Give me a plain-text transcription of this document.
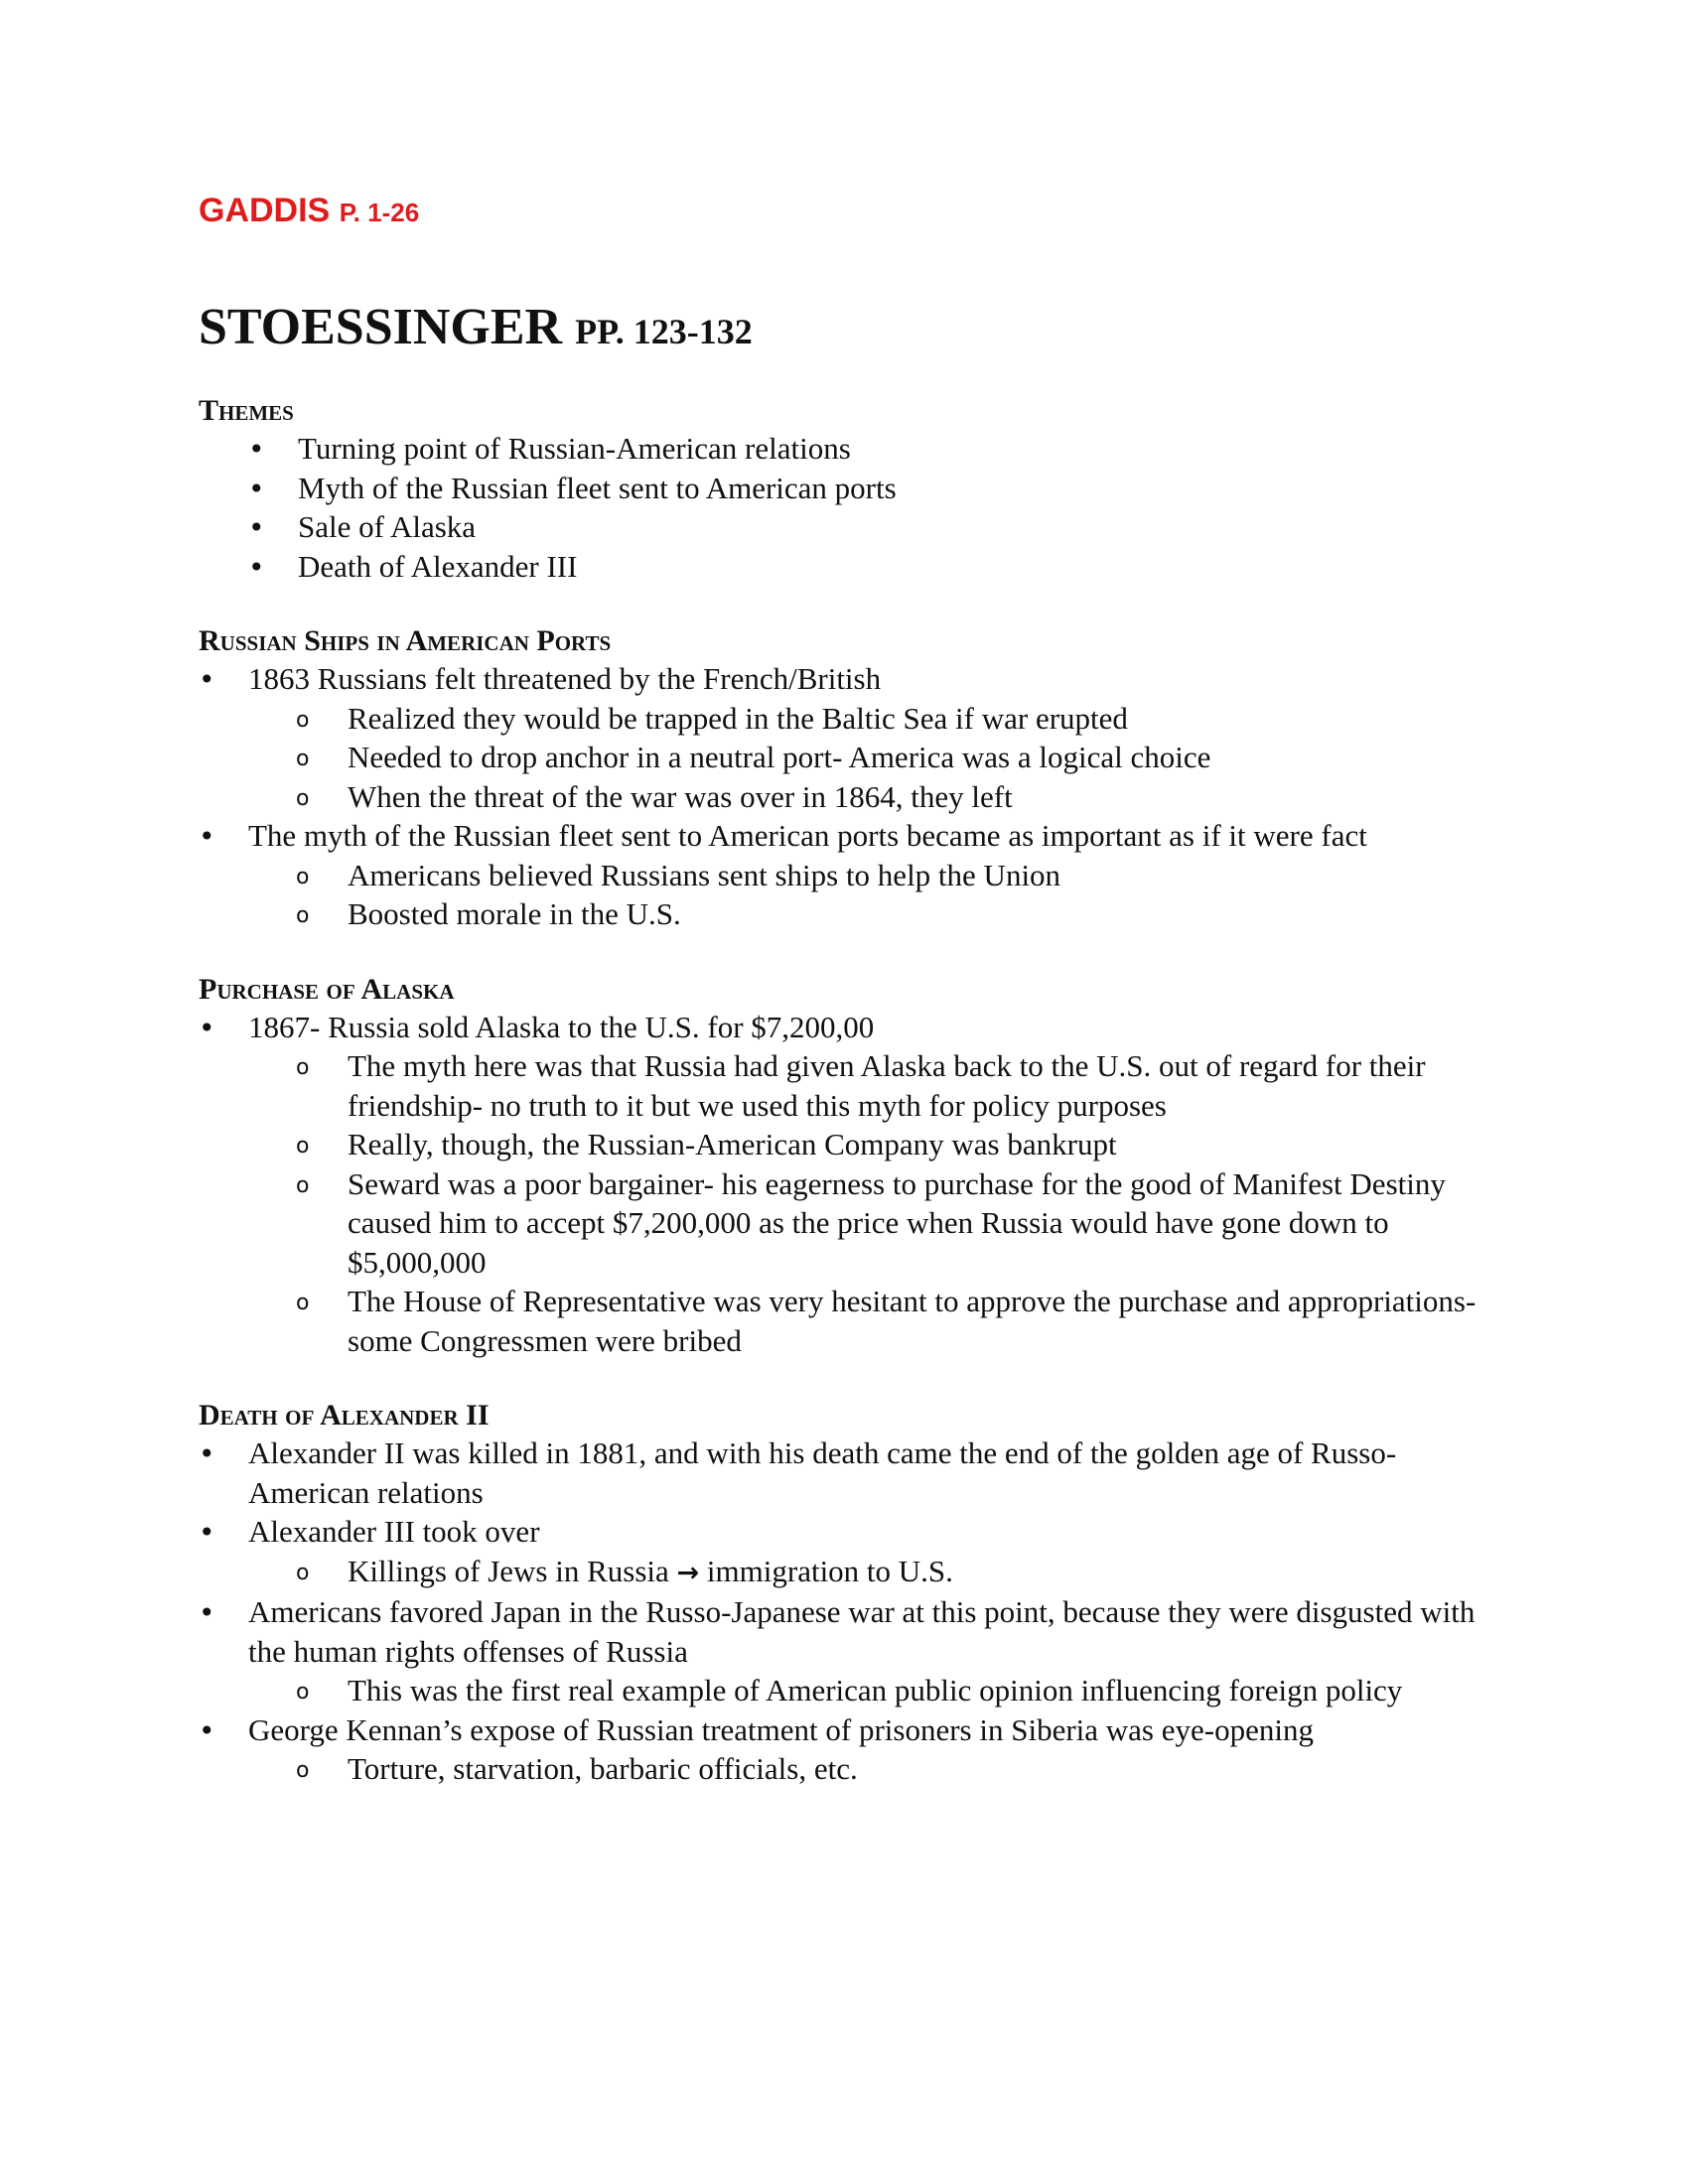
GADDIS P. 1-26
STOESSINGER PP. 123-132
Themes
•
Turning point of Russian-American relations
•
Myth of the Russian fleet sent to American ports
•
Sale of Alaska
•
Death of Alexander III
Russian Ships in American Ports
•
1863 Russians felt threatened by the French/British
o
Realized they would be trapped in the Baltic Sea if war erupted
o
Needed to drop anchor in a neutral port- America was a logical choice
o
When the threat of the war was over in 1864, they left
•
The myth of the Russian fleet sent to American ports became as important as if it were fact
o
Americans believed Russians sent ships to help the Union
o
Boosted morale in the U.S.
Purchase of Alaska
•
1867- Russia sold Alaska to the U.S. for $7,200,00
o
The myth here was that Russia had given Alaska back to the U.S. out of regard for their friendship- no truth to it but we used this myth for policy purposes
o
Really, though, the Russian-American Company was bankrupt
o
Seward was a poor bargainer- his eagerness to purchase for the good of Manifest Destiny caused him to accept $7,200,000 as the price when Russia would have gone down to $5,000,000
o
The House of Representative was very hesitant to approve the purchase and appropriations- some Congressmen were bribed
Death of Alexander II
•
Alexander II was killed in 1881, and with his death came the end of the golden age of Russo-American relations
•
Alexander III took over
o
Killings of Jews in Russia → immigration to U.S.
•
Americans favored Japan in the Russo-Japanese war at this point, because they were disgusted with the human rights offenses of Russia
o
This was the first real example of American public opinion influencing foreign policy
•
George Kennan’s expose of Russian treatment of prisoners in Siberia was eye-opening
o
Torture, starvation, barbaric officials, etc.
